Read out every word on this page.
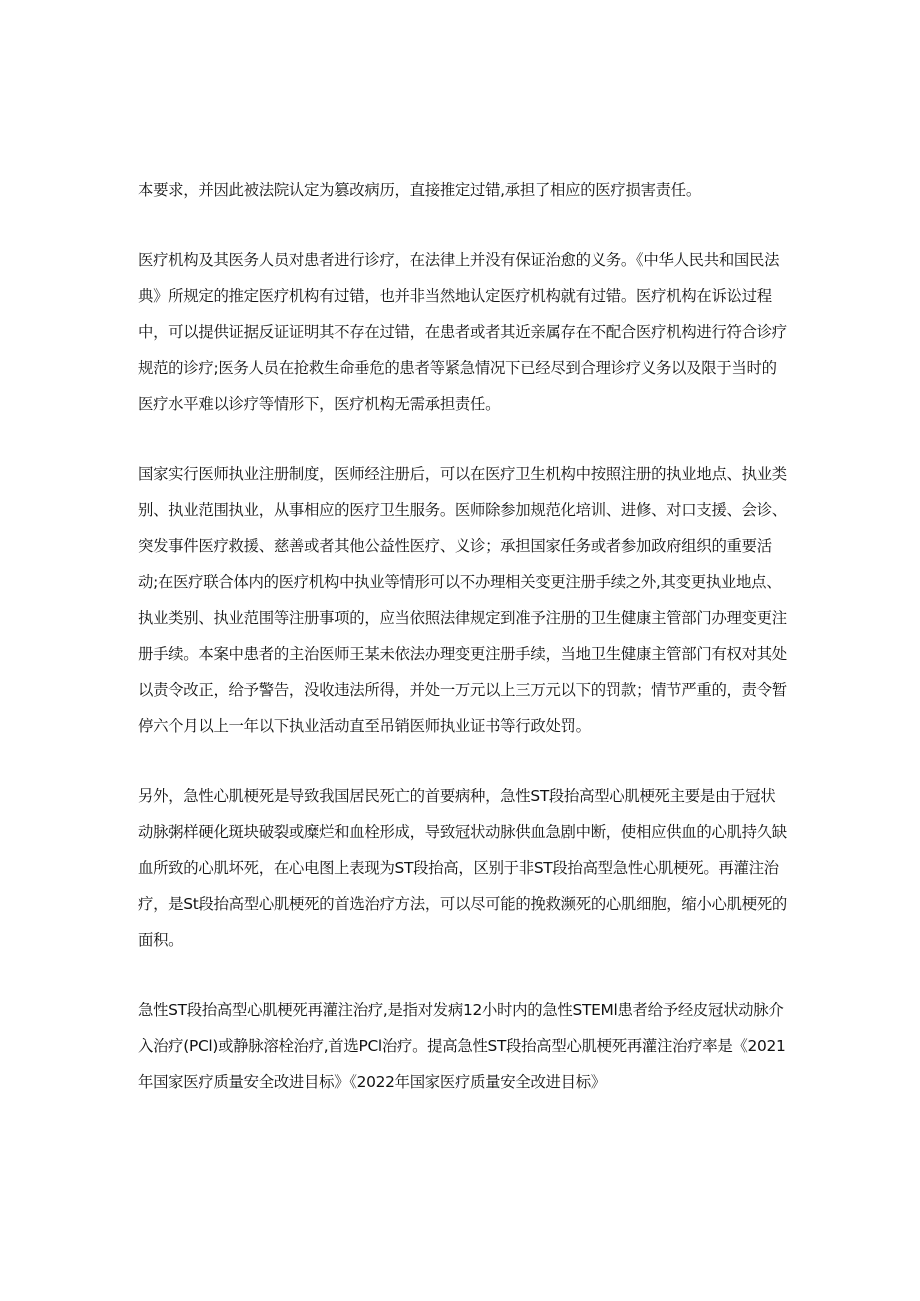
本要求，并因此被法院认定为篡改病历，直接推定过错,承担了相应的医疗损害责任。

医疗机构及其医务人员对患者进行诊疗，在法律上并没有保证治愈的义务。《中华人民共和国民法典》所规定的推定医疗机构有过错，也并非当然地认定医疗机构就有过错。医疗机构在诉讼过程中，可以提供证据反证证明其不存在过错，在患者或者其近亲属存在不配合医疗机构进行符合诊疗规范的诊疗;医务人员在抢救生命垂危的患者等紧急情况下已经尽到合理诊疗义务以及限于当时的医疗水平难以诊疗等情形下，医疗机构无需承担责任。

国家实行医师执业注册制度，医师经注册后，可以在医疗卫生机构中按照注册的执业地点、执业类别、执业范围执业，从事相应的医疗卫生服务。医师除参加规范化培训、进修、对口支援、会诊、突发事件医疗救援、慈善或者其他公益性医疗、义诊；承担国家任务或者参加政府组织的重要活动;在医疗联合体内的医疗机构中执业等情形可以不办理相关变更注册手续之外,其变更执业地点、执业类别、执业范围等注册事项的，应当依照法律规定到准予注册的卫生健康主管部门办理变更注册手续。本案中患者的主治医师王某未依法办理变更注册手续，当地卫生健康主管部门有权对其处以责令改正，给予警告，没收违法所得，并处一万元以上三万元以下的罚款；情节严重的，责令暂停六个月以上一年以下执业活动直至吊销医师执业证书等行政处罚。

另外，急性心肌梗死是导致我国居民死亡的首要病种，急性ST段抬高型心肌梗死主要是由于冠状动脉粥样硬化斑块破裂或糜烂和血栓形成，导致冠状动脉供血急剧中断，使相应供血的心肌持久缺血所致的心肌坏死，在心电图上表现为ST段抬高，区别于非ST段抬高型急性心肌梗死。再灌注治疗，是St段抬高型心肌梗死的首选治疗方法，可以尽可能的挽救濒死的心肌细胞，缩小心肌梗死的面积。

急性ST段抬高型心肌梗死再灌注治疗,是指对发病12小时内的急性STEMl患者给予经皮冠状动脉介入治疗(PCl)或静脉溶栓治疗,首选PCl治疗。提高急性ST段抬高型心肌梗死再灌注治疗率是《2021年国家医疗质量安全改进目标》《2022年国家医疗质量安全改进目标》
